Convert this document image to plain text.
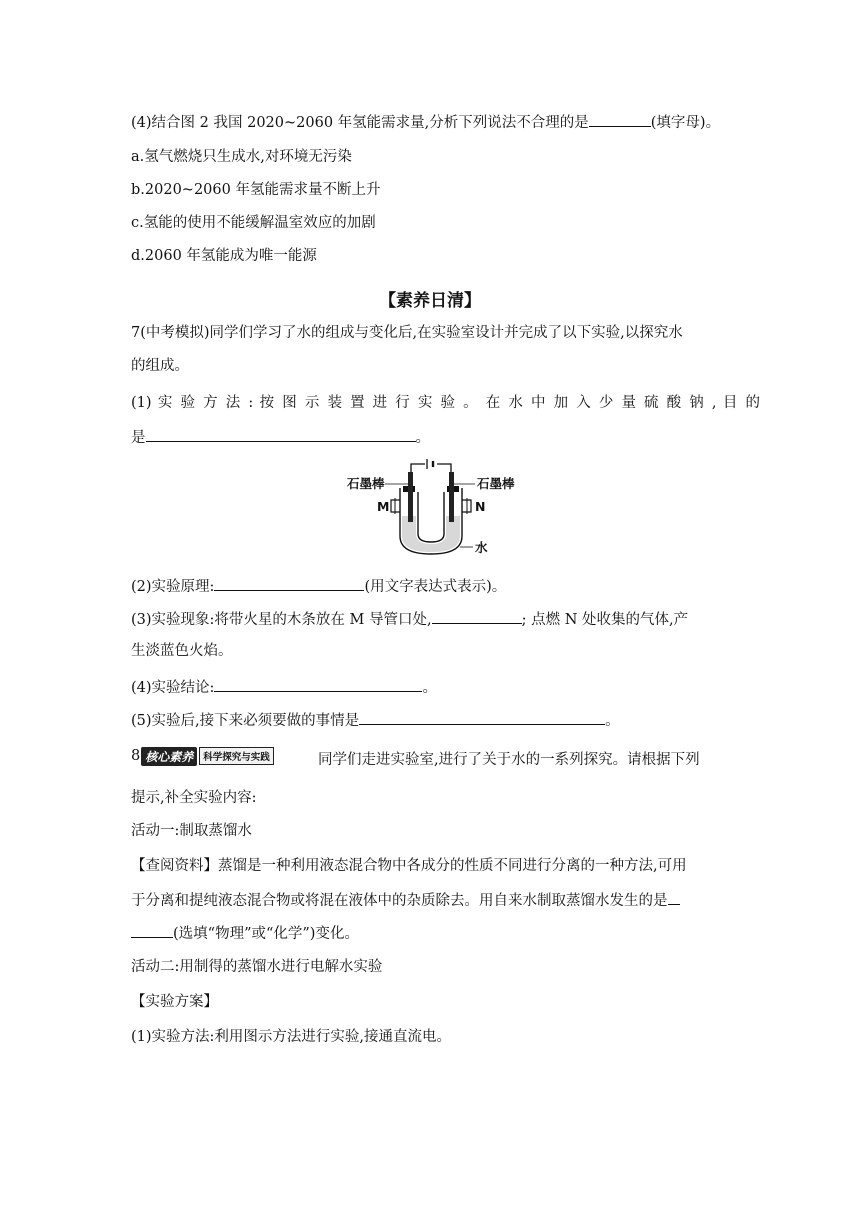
(4)结合图 2 我国 2020~2060 年氢能需求量,分析下列说法不合理的是	(填字母)。
a.氢气燃烧只生成水,对环境无污染
b.2020~2060 年氢能需求量不断上升
c.氢能的使用不能缓解温室效应的加剧
d.2060 年氢能成为唯一能源
【素养日清】
7(中考模拟)同学们学习了水的组成与变化后,在实验室设计并完成了以下实验,以探究水
的组成。
(1) 实 验 方 法 : 按 图 示 装 置 进 行 实 验 。 在 水 中 加 入 少 量 硫 酸 钠 , 目 的
是	。
石墨棒	石墨棒
M	N
水
(2)实验原理:	(用文字表达式表示)。
(3)实验现象:将带火星的木条放在 M 导管口处,	; 点燃 N 处收集的气体,产
生淡蓝色火焰。
(4)实验结论:	。
(5)实验后,接下来必须要做的事情是	。
8 核心素养	科学探究与实践	同学们走进实验室,进行了关于水的一系列探究。请根据下列
提示,补全实验内容:
活动一:制取蒸馏水
【查阅资料】蒸馏是一种利用液态混合物中各成分的性质不同进行分离的一种方法,可用
于分离和提纯液态混合物或将混在液体中的杂质除去。用自来水制取蒸馏水发生的是
(选填“物理”或“化学”)变化。
活动二:用制得的蒸馏水进行电解水实验
【实验方案】
(1)实验方法:利用图示方法进行实验,接通直流电。
